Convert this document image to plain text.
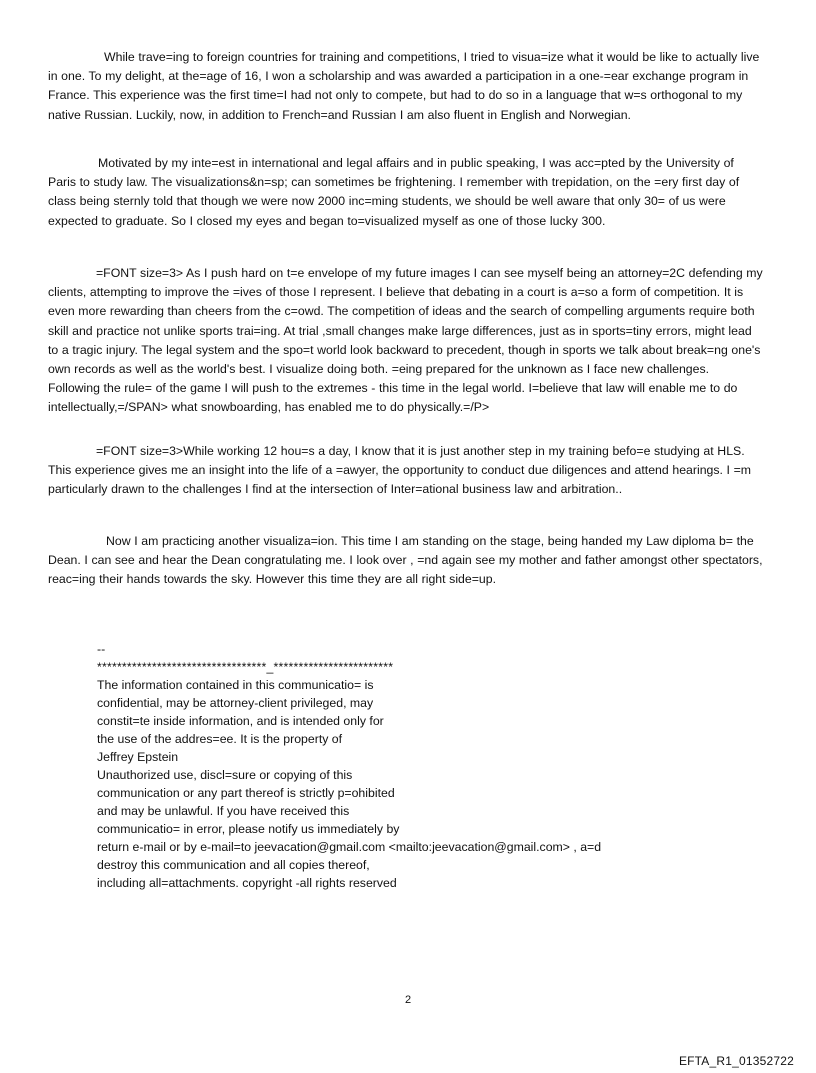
While trave=ing to foreign countries for training and competitions, I tried to visua=ize what it would be like to actually live in one. To my delight, at the=age of 16, I won a scholarship and was awarded a participation in a one-=ear exchange program in France. This experience was the first time=I had not only to compete, but had to do so in a language that w=s orthogonal to my native Russian. Luckily, now, in addition to French=and Russian I am also fluent in English and Norwegian.

Motivated by my inte=est in international and legal affairs and in public speaking, I was acc=pted by the University of Paris to study law. The visualizations&n=sp; can sometimes be frightening. I remember with trepidation, on the =ery first day of class being sternly told that though we were now 2000 inc=ming students, we should be well aware that only 30= of us were expected to graduate. So I closed my eyes and began to=visualized myself as one of those lucky 300.

=FONT size=3> As I push hard on t=e envelope of my future images I can see myself being an attorney=2C defending my clients, attempting to improve the =ives of those I represent. I believe that debating in a court is a=so a form of competition. It is even more rewarding than cheers from the c=owd. The competition of ideas and the search of compelling arguments require both skill and practice not unlike sports trai=ing. At trial ,small changes make large differences, just as in sports=tiny errors, might lead to a tragic injury. The legal system and the spo=t world look backward to precedent, though in sports we talk about break=ng one's own records as well as the world's best. I visualize doing both. =eing prepared for the unknown as I face new challenges. Following the rule= of the game I will push to the extremes - this time in the legal world. I=believe that law will enable me to do intellectually,=/SPAN> what snowboarding, has enabled me to do physically.=/P>

=FONT size=3>While working 12 hou=s a day, I know that it is just another step in my training befo=e studying at HLS. This experience gives me an insight into the life of a =awyer, the opportunity to conduct due diligences and attend hearings. I =m particularly drawn to the challenges I find at the intersection of Inter=ational business law and arbitration..

Now I am practicing another visualiza=ion. This time I am standing on the stage, being handed my Law diploma b= the Dean. I can see and hear the Dean congratulating me. I look over , =nd again see my mother and father amongst other spectators, reac=ing their hands towards the sky. However this time they are all right side=up.

--
**********************************_************************
The information contained in this communicatio= is
confidential, may be attorney-client privileged, may
constit=te inside information, and is intended only for
the use of the addres=ee. It is the property of
Jeffrey Epstein
Unauthorized use, discl=sure or copying of this
communication or any part thereof is strictly p=ohibited
and may be unlawful. If you have received this
communicatio= in error, please notify us immediately by
return e-mail or by e-mail=to jeevacation@gmail.com <mailto:jeevacation@gmail.com> , a=d
destroy this communication and all copies thereof,
including all=attachments. copyright -all rights reserved
2
EFTA_R1_01352722
